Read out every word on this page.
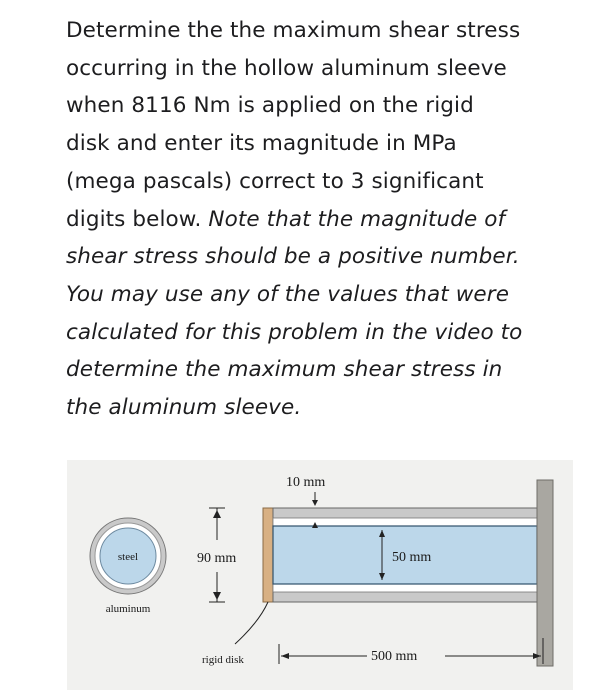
Determine the the maximum shear stress
occurring in the hollow aluminum sleeve
when 8116 Nm is applied on the rigid
disk and enter its magnitude in MPa
(mega pascals) correct to 3 significant
digits below. Note that the magnitude of
shear stress should be a positive number.
You may use any of the values that were
calculated for this problem in the video to
determine the maximum shear stress in
the aluminum sleeve.
steel
aluminum
90 mm
rigid disk
10 mm
50 mm
500 mm
